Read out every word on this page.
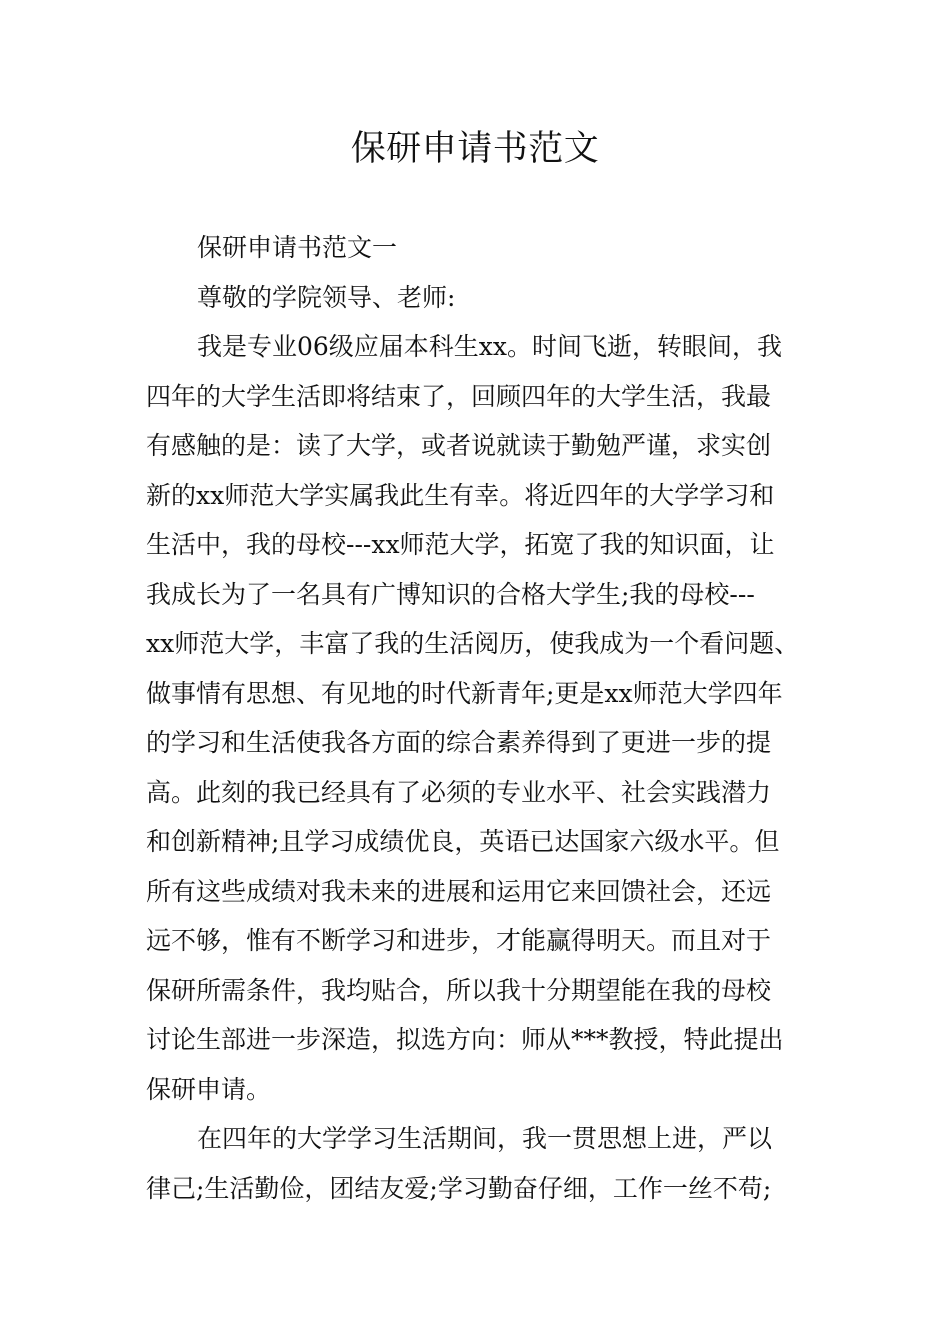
保研申请书范文

保研申请书范文一

尊敬的学院领导、老师:

我是专业06级应届本科生xx。时间飞逝，转眼间，我
四年的大学生活即将结束了，回顾四年的大学生活，我最
有感触的是：读了大学，或者说就读于勤勉严谨，求实创
新的xx师范大学实属我此生有幸。将近四年的大学学习和
生活中，我的母校---xx师范大学，拓宽了我的知识面，让
我成长为了一名具有广博知识的合格大学生;我的母校---
xx师范大学，丰富了我的生活阅历，使我成为一个看问题、
做事情有思想、有见地的时代新青年;更是xx师范大学四年
的学习和生活使我各方面的综合素养得到了更进一步的提
高。此刻的我已经具有了必须的专业水平、社会实践潜力
和创新精神;且学习成绩优良，英语已达国家六级水平。但
所有这些成绩对我未来的进展和运用它来回馈社会，还远
远不够，惟有不断学习和进步，才能赢得明天。而且对于
保研所需条件，我均贴合，所以我十分期望能在我的母校
讨论生部进一步深造，拟选方向：师从***教授，特此提出
保研申请。

在四年的大学学习生活期间，我一贯思想上进，严以
律己;生活勤俭，团结友爱;学习勤奋仔细，工作一丝不苟;
